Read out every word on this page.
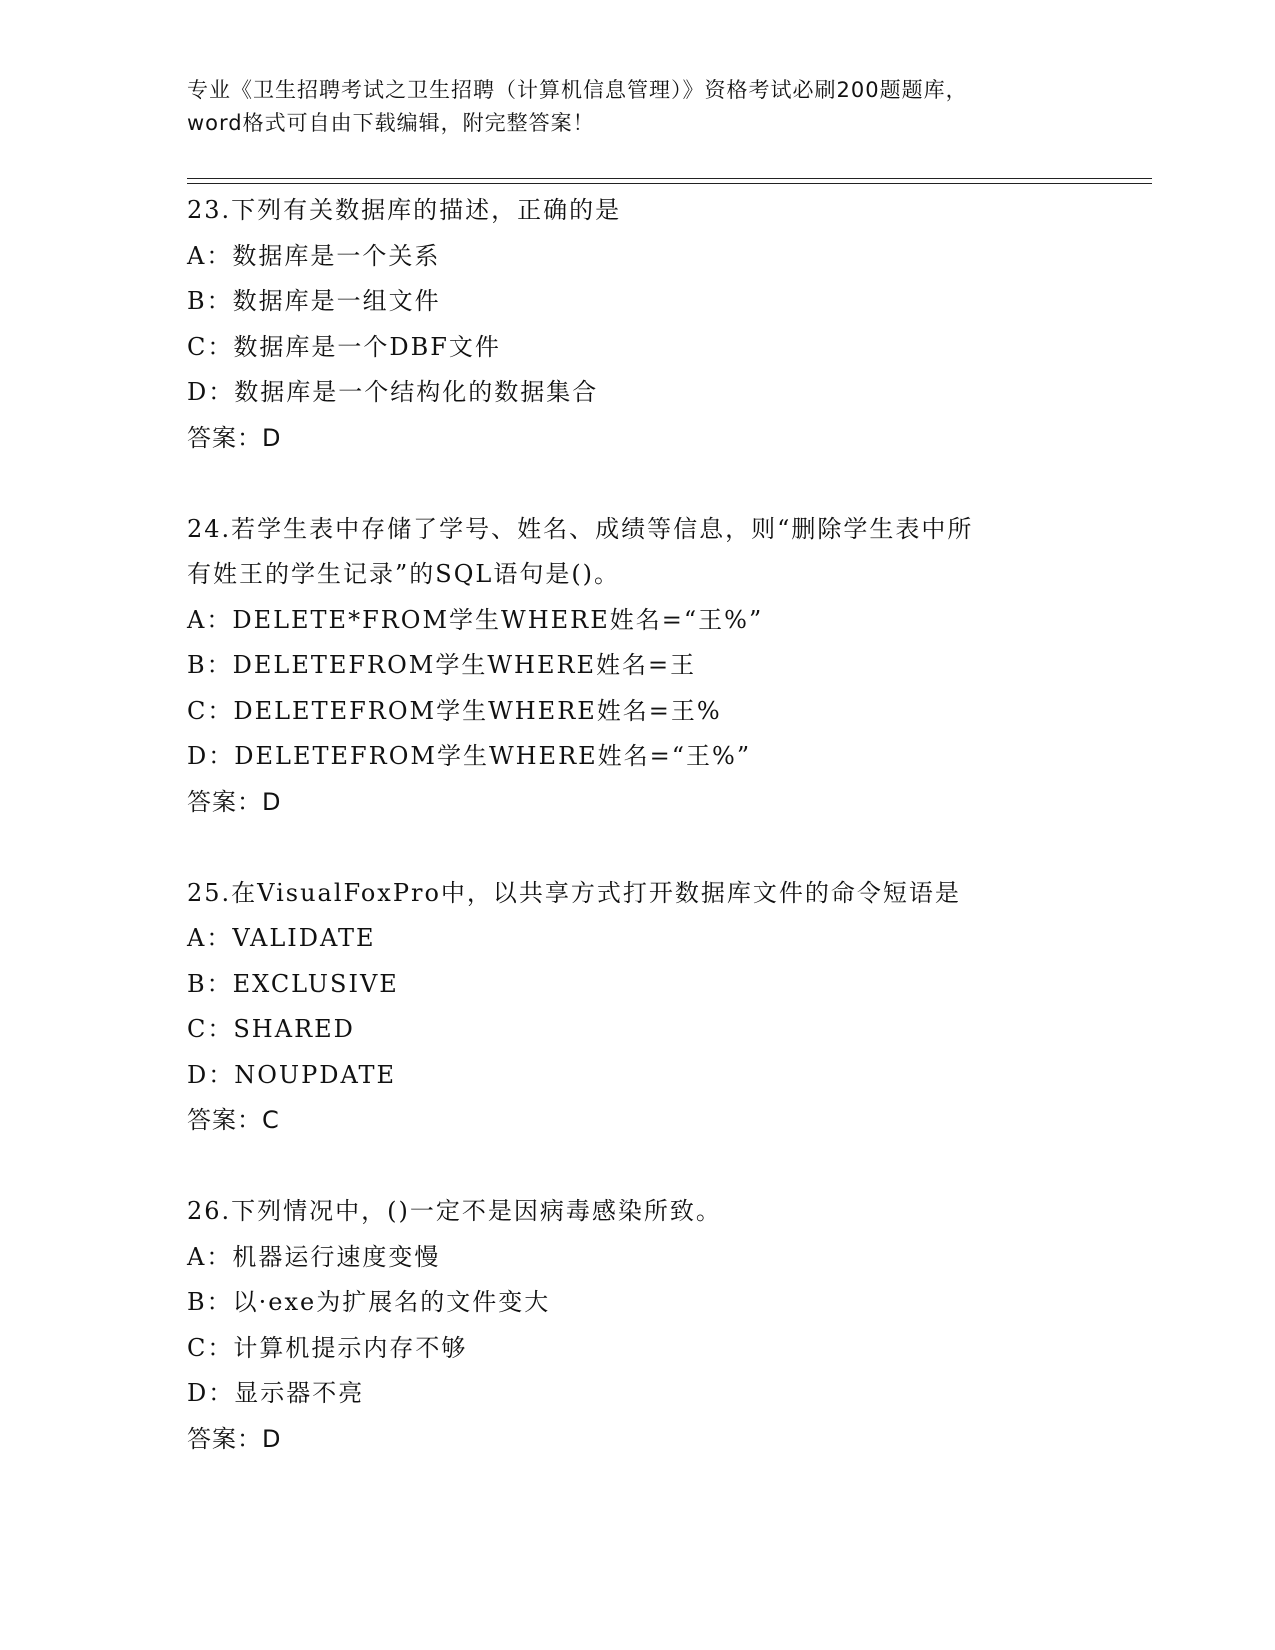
专业《卫生招聘考试之卫生招聘（计算机信息管理）》资格考试必刷200题题库，
word格式可自由下载编辑，附完整答案！
23.下列有关数据库的描述，正确的是
A：数据库是一个关系
B：数据库是一组文件
C：数据库是一个DBF文件
D：数据库是一个结构化的数据集合
答案：D
24.若学生表中存储了学号、姓名、成绩等信息，则“删除学生表中所
有姓王的学生记录”的SQL语句是()。
A：DELETE*FROM学生WHERE姓名=“王%”
B：DELETEFROM学生WHERE姓名=王
C：DELETEFROM学生WHERE姓名=王%
D：DELETEFROM学生WHERE姓名=“王%”
答案：D
25.在VisualFoxPro中，以共享方式打开数据库文件的命令短语是
A：VALIDATE
B：EXCLUSIVE
C：SHARED
D：NOUPDATE
答案：C
26.下列情况中，()一定不是因病毒感染所致。
A：机器运行速度变慢
B：以·exe为扩展名的文件变大
C：计算机提示内存不够
D：显示器不亮
答案：D
